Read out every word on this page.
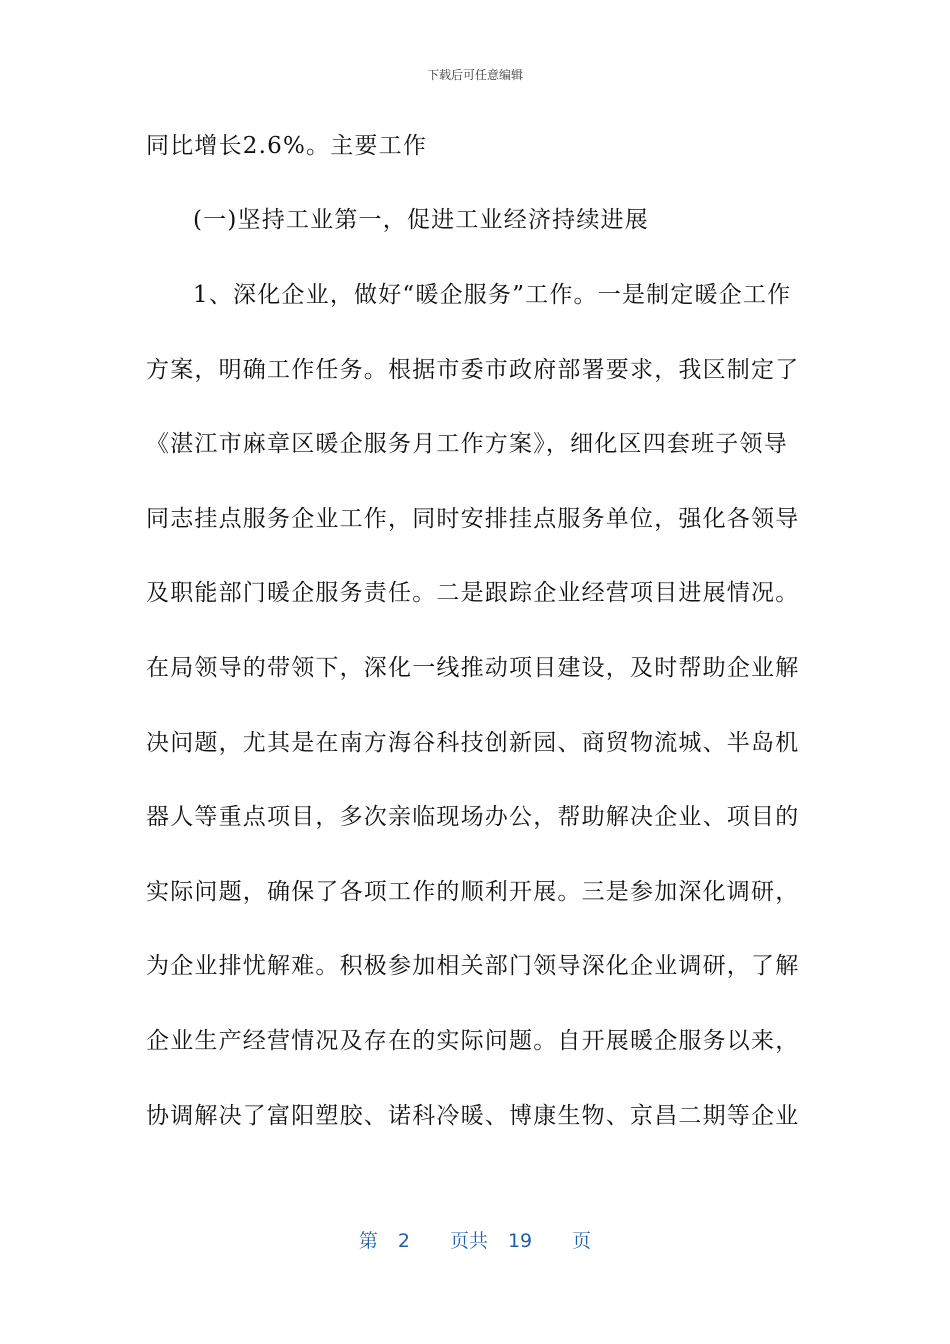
下载后可任意编辑
同比增长2.6%。主要工作
(一)坚持工业第一，促进工业经济持续进展
1、深化企业，做好“暖企服务”工作。一是制定暖企工作
方案，明确工作任务。根据市委市政府部署要求，我区制定了
《湛江市麻章区暖企服务月工作方案》，细化区四套班子领导
同志挂点服务企业工作，同时安排挂点服务单位，强化各领导
及职能部门暖企服务责任。二是跟踪企业经营项目进展情况。
在局领导的带领下，深化一线推动项目建设，及时帮助企业解
决问题，尤其是在南方海谷科技创新园、商贸物流城、半岛机
器人等重点项目，多次亲临现场办公，帮助解决企业、项目的
实际问题，确保了各项工作的顺利开展。三是参加深化调研，
为企业排忧解难。积极参加相关部门领导深化企业调研，了解
企业生产经营情况及存在的实际问题。自开展暖企服务以来，
协调解决了富阳塑胶、诺科冷暖、博康生物、京昌二期等企业
第 2 页共 19 页
